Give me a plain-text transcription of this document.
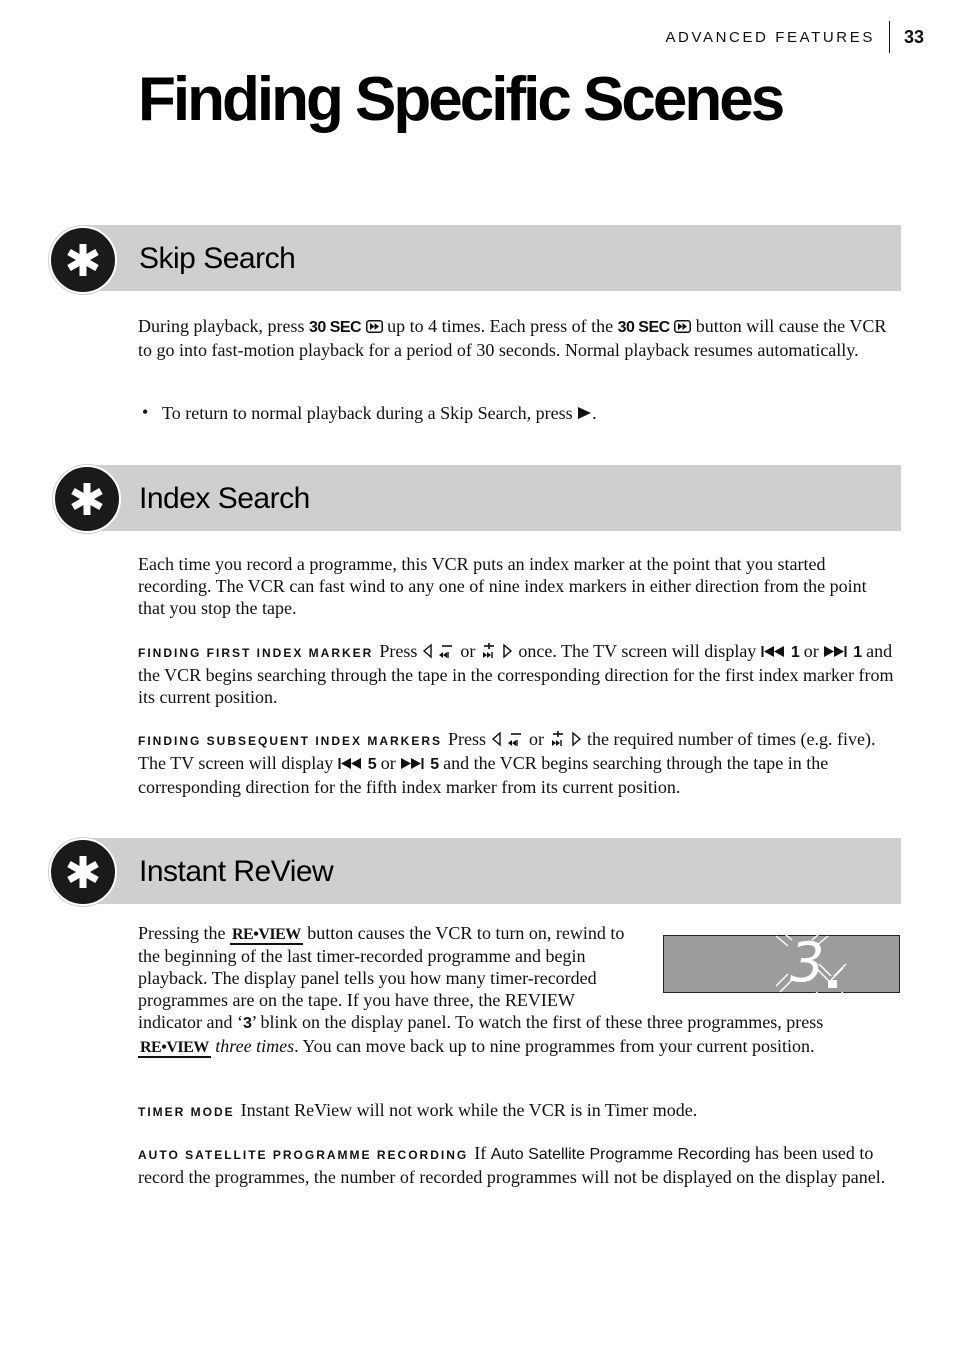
ADVANCED FEATURES	33
Finding Specific Scenes
Skip Search

During playback, press 30 SEC  up to 4 times. Each press of the 30 SEC  button will cause the VCR to go into fast-motion playback for a period of 30 seconds. Normal playback resumes automatically.

• To return to normal playback during a Skip Search, press .

Index Search

Each time you record a programme, this VCR puts an index marker at the point that you started recording. The VCR can fast wind to any one of nine index markers in either direction from the point that you stop the tape.

FINDING FIRST INDEX MARKER Press  or  once. The TV screen will display 1 or 1 and the VCR begins searching through the tape in the corresponding direction for the first index marker from its current position.

FINDING SUBSEQUENT INDEX MARKERS Press  or  the required number of times (e.g. five). The TV screen will display 5 or 5 and the VCR begins searching through the tape in the corresponding direction for the fifth index marker from its current position.

Instant ReView
3

Pressing the RE•VIEW button causes the VCR to turn on, rewind to the beginning of the last timer-recorded programme and begin playback. The display panel tells you how many timer-recorded programmes are on the tape. If you have three, the REVIEW indicator and ‘3’ blink on the display panel. To watch the first of these three programmes, press RE•VIEW three times. You can move back up to nine programmes from your current position.

TIMER MODE Instant ReView will not work while the VCR is in Timer mode.

AUTO SATELLITE PROGRAMME RECORDING If Auto Satellite Programme Recording has been used to record the programmes, the number of recorded programmes will not be displayed on the display panel.
